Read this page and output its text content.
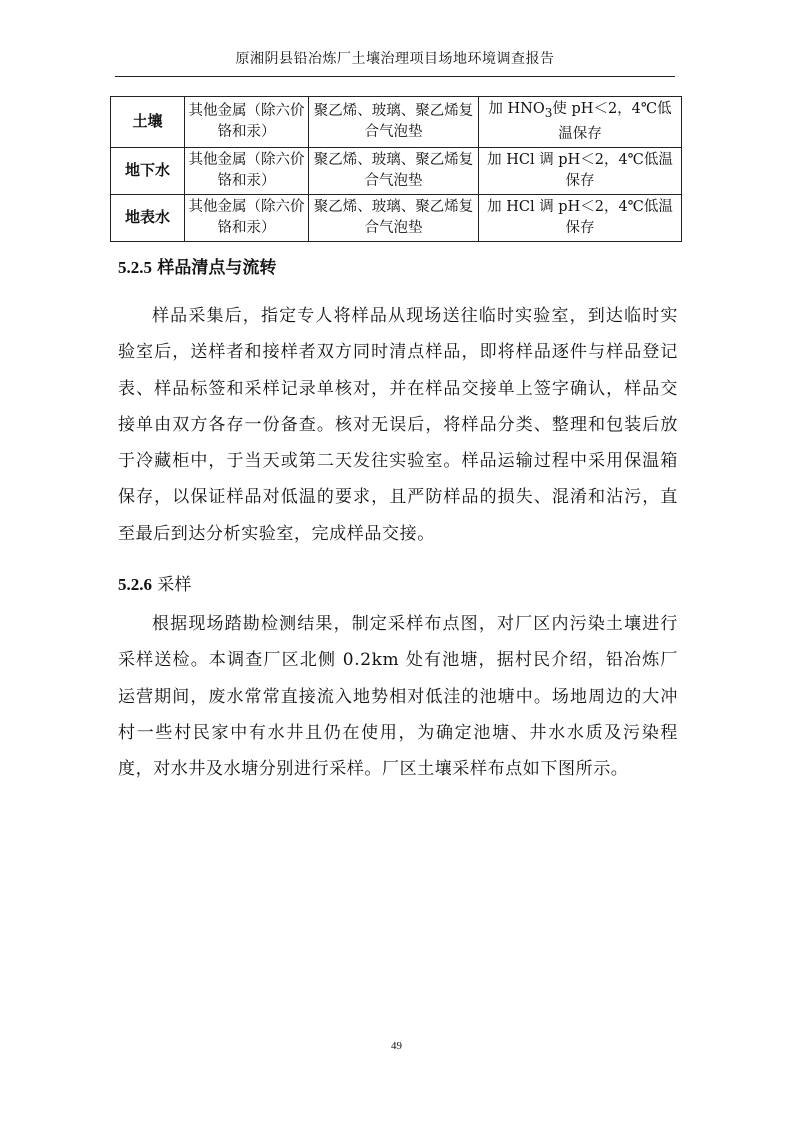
原湘阴县铅冶炼厂土壤治理项目场地环境调查报告
土壤	其他金属（除六价铬和汞）	聚乙烯、玻璃、聚乙烯复合气泡垫	加 $HNO_3$使 pH＜2，4℃低温保存
地下水	其他金属（除六价铬和汞）	聚乙烯、玻璃、聚乙烯复合气泡垫	加 HCl 调 pH＜2，4℃低温保存
地表水	其他金属（除六价铬和汞）	聚乙烯、玻璃、聚乙烯复合气泡垫	加 HCl 调 pH＜2，4℃低温保存
5.2.5 样品清点与流转
样品采集后，指定专人将样品从现场送往临时实验室，到达临时实验室后，送样者和接样者双方同时清点样品，即将样品逐件与样品登记表、样品标签和采样记录单核对，并在样品交接单上签字确认，样品交接单由双方各存一份备查。核对无误后，将样品分类、整理和包装后放于冷藏柜中，于当天或第二天发往实验室。样品运输过程中采用保温箱保存，以保证样品对低温的要求，且严防样品的损失、混淆和沾污，直至最后到达分析实验室，完成样品交接。
5.2.6 采样
根据现场踏勘检测结果，制定采样布点图，对厂区内污染土壤进行采样送检。本调查厂区北侧 0.2km 处有池塘，据村民介绍，铅冶炼厂运营期间，废水常常直接流入地势相对低洼的池塘中。场地周边的大冲村一些村民家中有水井且仍在使用，为确定池塘、井水水质及污染程度，对水井及水塘分别进行采样。厂区土壤采样布点如下图所示。
49
